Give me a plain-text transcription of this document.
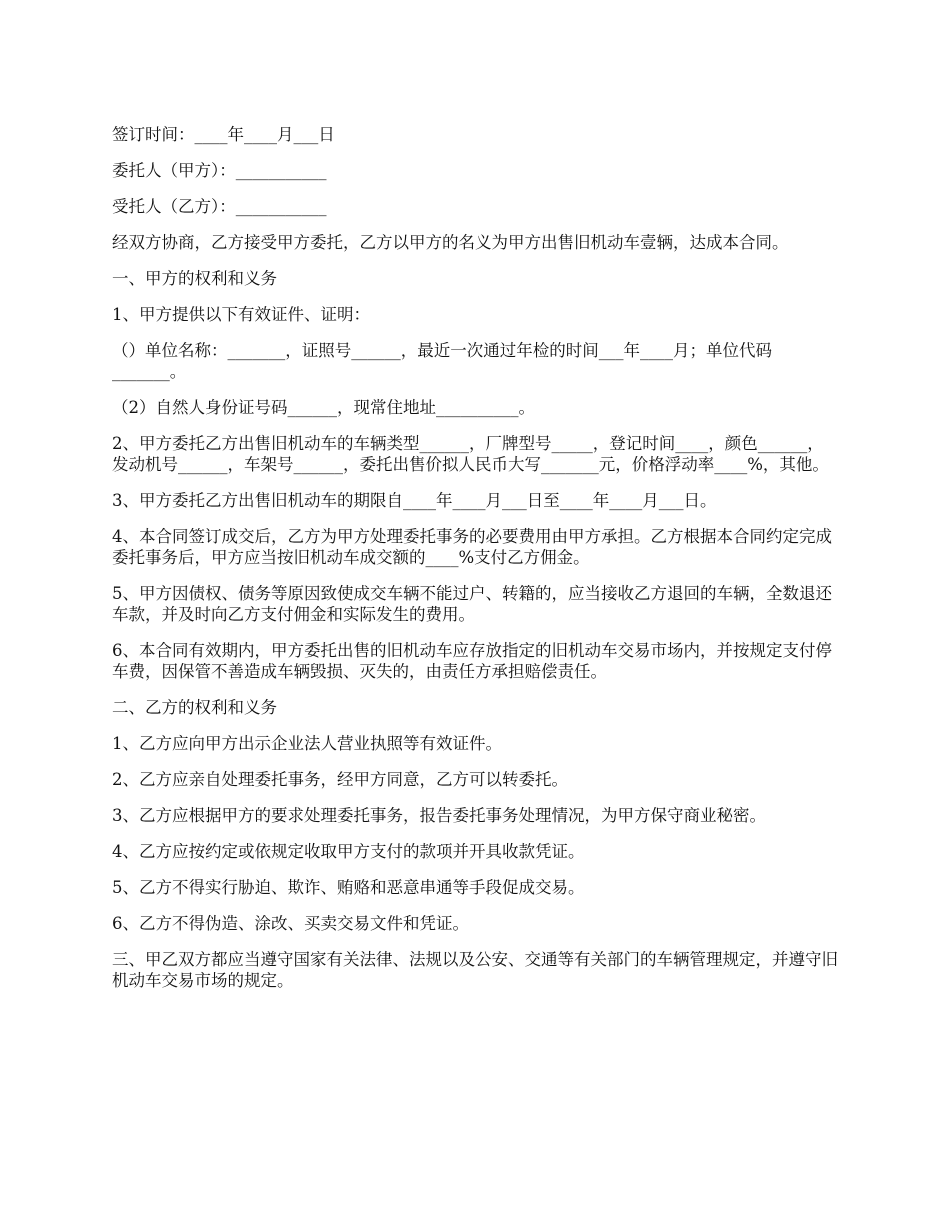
签订时间：____年____月___日

委托人（甲方）：___________

受托人（乙方）：___________

经双方协商，乙方接受甲方委托，乙方以甲方的名义为甲方出售旧机动车壹辆，达成本合同。

一、甲方的权利和义务

1、甲方提供以下有效证件、证明：

（）单位名称：_______，证照号______，最近一次通过年检的时间___年____月；单位代码_______。

（2）自然人身份证号码______，现常住地址__________。

2、甲方委托乙方出售旧机动车的车辆类型______，厂牌型号_____，登记时间____，颜色______，发动机号______，车架号______，委托出售价拟人民币大写_______元，价格浮动率____%，其他。

3、甲方委托乙方出售旧机动车的期限自____年____月___日至____年____月___日。

4、本合同签订成交后，乙方为甲方处理委托事务的必要费用由甲方承担。乙方根据本合同约定完成委托事务后，甲方应当按旧机动车成交额的____%支付乙方佣金。

5、甲方因债权、债务等原因致使成交车辆不能过户、转籍的，应当接收乙方退回的车辆，全数退还车款，并及时向乙方支付佣金和实际发生的费用。

6、本合同有效期内，甲方委托出售的旧机动车应存放指定的旧机动车交易市场内，并按规定支付停车费，因保管不善造成车辆毁损、灭失的，由责任方承担赔偿责任。

二、乙方的权利和义务

1、乙方应向甲方出示企业法人营业执照等有效证件。

2、乙方应亲自处理委托事务，经甲方同意，乙方可以转委托。

3、乙方应根据甲方的要求处理委托事务，报告委托事务处理情况，为甲方保守商业秘密。

4、乙方应按约定或依规定收取甲方支付的款项并开具收款凭证。

5、乙方不得实行胁迫、欺诈、贿赂和恶意串通等手段促成交易。

6、乙方不得伪造、涂改、买卖交易文件和凭证。

三、甲乙双方都应当遵守国家有关法律、法规以及公安、交通等有关部门的车辆管理规定，并遵守旧机动车交易市场的规定。
